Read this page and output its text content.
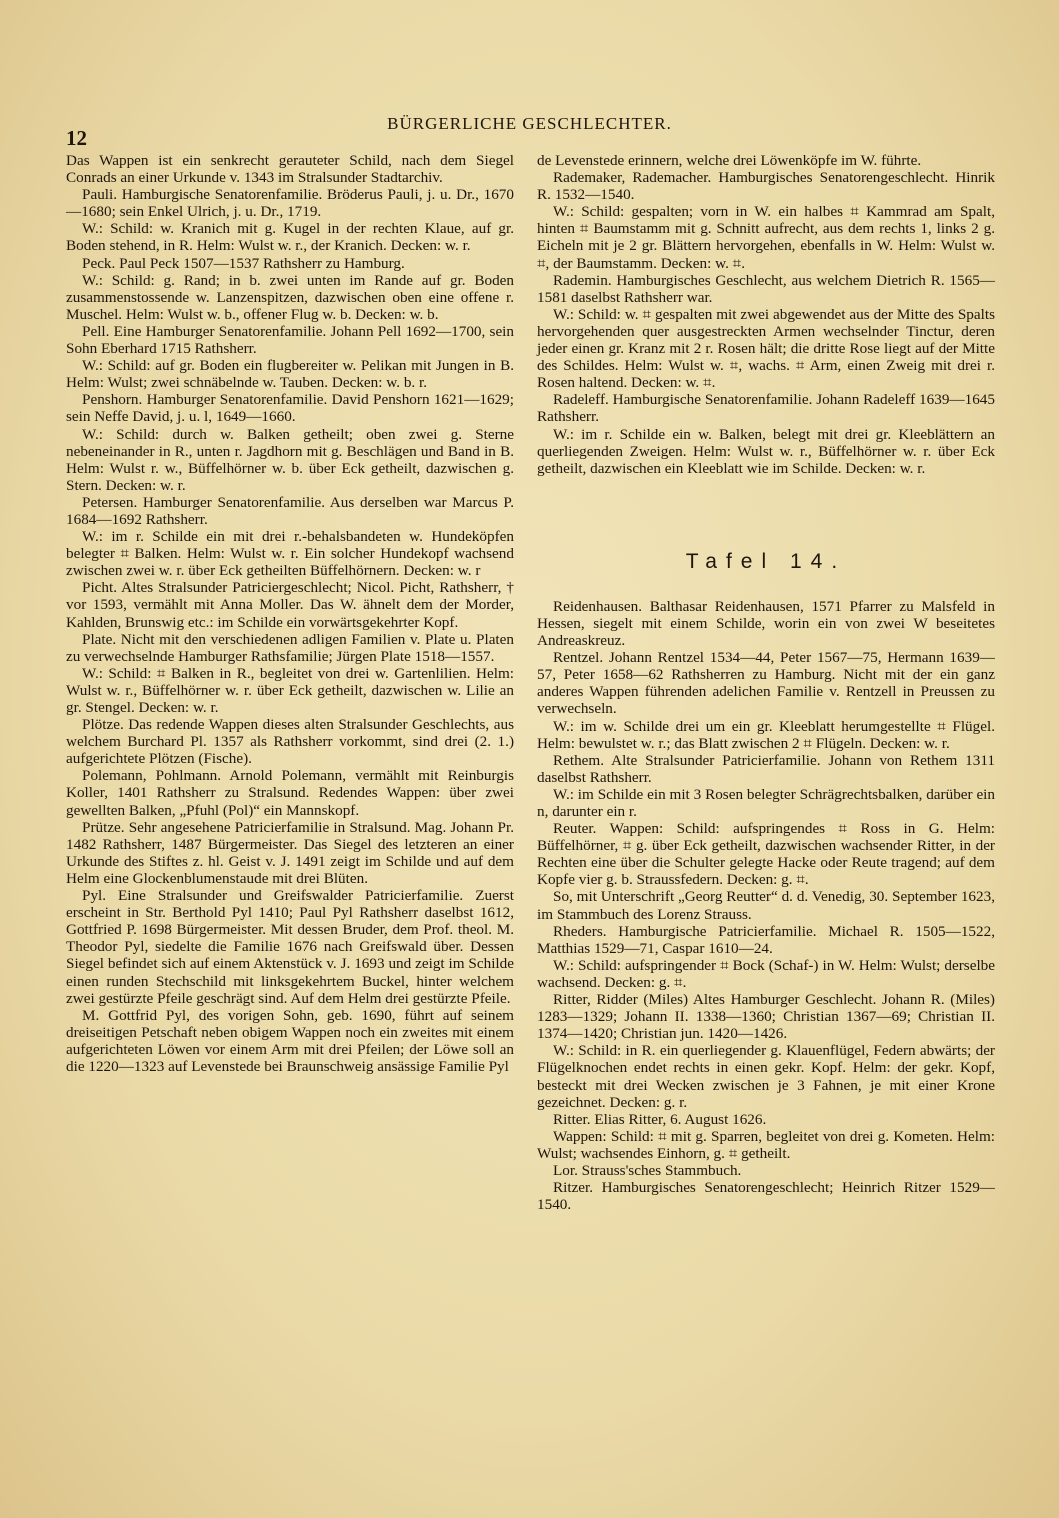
12
BÜRGERLICHE GESCHLECHTER.

Das Wappen ist ein senkrecht gerauteter Schild, nach dem Siegel Conrads an einer Urkunde v. 1343 im Stralsunder Stadtarchiv.

Pauli. Hamburgische Senatorenfamilie. Bröderus Pauli, j. u. Dr., 1670—1680; sein Enkel Ulrich, j. u. Dr., 1719.

W.: Schild: w. Kranich mit g. Kugel in der rechten Klaue, auf gr. Boden stehend, in R. Helm: Wulst w. r., der Kranich. Decken: w. r.

Peck. Paul Peck 1507—1537 Rathsherr zu Hamburg.

W.: Schild: g. Rand; in b. zwei unten im Rande auf gr. Boden zusammenstossende w. Lanzenspitzen, dazwischen oben eine offene r. Muschel. Helm: Wulst w. b., offener Flug w. b. Decken: w. b.

Pell. Eine Hamburger Senatorenfamilie. Johann Pell 1692—1700, sein Sohn Eberhard 1715 Rathsherr.

W.: Schild: auf gr. Boden ein flugbereiter w. Pelikan mit Jungen in B. Helm: Wulst; zwei schnäbelnde w. Tauben. Decken: w. b. r.

Penshorn. Hamburger Senatorenfamilie. David Penshorn 1621—1629; sein Neffe David, j. u. l, 1649—1660.

W.: Schild: durch w. Balken getheilt; oben zwei g. Sterne nebeneinander in R., unten r. Jagdhorn mit g. Beschlägen und Band in B. Helm: Wulst r. w., Büffelhörner w. b. über Eck getheilt, dazwischen g. Stern. Decken: w. r.

Petersen. Hamburger Senatorenfamilie. Aus derselben war Marcus P. 1684—1692 Rathsherr.

W.: im r. Schilde ein mit drei r.-behalsbandeten w. Hundeköpfen belegter ⌗ Balken. Helm: Wulst w. r. Ein solcher Hundekopf wachsend zwischen zwei w. r. über Eck getheilten Büffelhörnern. Decken: w. r

Picht. Altes Stralsunder Patriciergeschlecht; Nicol. Picht, Rathsherr, † vor 1593, vermählt mit Anna Moller. Das W. ähnelt dem der Morder, Kahlden, Brunswig etc.: im Schilde ein vorwärtsgekehrter Kopf.

Plate. Nicht mit den verschiedenen adligen Familien v. Plate u. Platen zu verwechselnde Hamburger Rathsfamilie; Jürgen Plate 1518—1557.

W.: Schild: ⌗ Balken in R., begleitet von drei w. Gartenlilien. Helm: Wulst w. r., Büffelhörner w. r. über Eck getheilt, dazwischen w. Lilie an gr. Stengel. Decken: w. r.

Plötze. Das redende Wappen dieses alten Stralsunder Geschlechts, aus welchem Burchard Pl. 1357 als Rathsherr vorkommt, sind drei (2. 1.) aufgerichtete Plötzen (Fische).

Polemann, Pohlmann. Arnold Polemann, vermählt mit Reinburgis Koller, 1401 Rathsherr zu Stralsund. Redendes Wappen: über zwei gewellten Balken, „Pfuhl (Pol)“ ein Mannskopf.

Prütze. Sehr angesehene Patricierfamilie in Stralsund. Mag. Johann Pr. 1482 Rathsherr, 1487 Bürgermeister. Das Siegel des letzteren an einer Urkunde des Stiftes z. hl. Geist v. J. 1491 zeigt im Schilde und auf dem Helm eine Glockenblumenstaude mit drei Blüten.

Pyl. Eine Stralsunder und Greifswalder Patricierfamilie. Zuerst erscheint in Str. Berthold Pyl 1410; Paul Pyl Rathsherr daselbst 1612, Gottfried P. 1698 Bürgermeister. Mit dessen Bruder, dem Prof. theol. M. Theodor Pyl, siedelte die Familie 1676 nach Greifswald über. Dessen Siegel befindet sich auf einem Aktenstück v. J. 1693 und zeigt im Schilde einen runden Stechschild mit linksgekehrtem Buckel, hinter welchem zwei gestürzte Pfeile geschrägt sind. Auf dem Helm drei gestürzte Pfeile.

M. Gottfrid Pyl, des vorigen Sohn, geb. 1690, führt auf seinem dreiseitigen Petschaft neben obigem Wappen noch ein zweites mit einem aufgerichteten Löwen vor einem Arm mit drei Pfeilen; der Löwe soll an die 1220—1323 auf Levenstede bei Braunschweig ansässige Familie Pyl

de Levenstede erinnern, welche drei Löwenköpfe im W. führte.

Rademaker, Rademacher. Hamburgisches Senatorengeschlecht. Hinrik R. 1532—1540.

W.: Schild: gespalten; vorn in W. ein halbes ⌗ Kammrad am Spalt, hinten ⌗ Baumstamm mit g. Schnitt aufrecht, aus dem rechts 1, links 2 g. Eicheln mit je 2 gr. Blättern hervorgehen, ebenfalls in W. Helm: Wulst w. ⌗, der Baumstamm. Decken: w. ⌗.

Rademin. Hamburgisches Geschlecht, aus welchem Dietrich R. 1565—1581 daselbst Rathsherr war.

W.: Schild: w. ⌗ gespalten mit zwei abgewendet aus der Mitte des Spalts hervorgehenden quer ausgestreckten Armen wechselnder Tinctur, deren jeder einen gr. Kranz mit 2 r. Rosen hält; die dritte Rose liegt auf der Mitte des Schildes. Helm: Wulst w. ⌗, wachs. ⌗ Arm, einen Zweig mit drei r. Rosen haltend. Decken: w. ⌗.

Radeleff. Hamburgische Senatorenfamilie. Johann Radeleff 1639—1645 Rathsherr.

W.: im r. Schilde ein w. Balken, belegt mit drei gr. Kleeblättern an querliegenden Zweigen. Helm: Wulst w. r., Büffelhörner w. r. über Eck getheilt, dazwischen ein Kleeblatt wie im Schilde. Decken: w. r.

Tafel 14.

Reidenhausen. Balthasar Reidenhausen, 1571 Pfarrer zu Malsfeld in Hessen, siegelt mit einem Schilde, worin ein von zwei W beseitetes Andreaskreuz.

Rentzel. Johann Rentzel 1534—44, Peter 1567—75, Hermann 1639—57, Peter 1658—62 Rathsherren zu Hamburg. Nicht mit der ein ganz anderes Wappen führenden adelichen Familie v. Rentzell in Preussen zu verwechseln.

W.: im w. Schilde drei um ein gr. Kleeblatt herumgestellte ⌗ Flügel. Helm: bewulstet w. r.; das Blatt zwischen 2 ⌗ Flügeln. Decken: w. r.

Rethem. Alte Stralsunder Patricierfamilie. Johann von Rethem 1311 daselbst Rathsherr.

W.: im Schilde ein mit 3 Rosen belegter Schrägrechtsbalken, darüber ein n, darunter ein r.

Reuter. Wappen: Schild: aufspringendes ⌗ Ross in G. Helm: Büffelhörner, ⌗ g. über Eck getheilt, dazwischen wachsender Ritter, in der Rechten eine über die Schulter gelegte Hacke oder Reute tragend; auf dem Kopfe vier g. b. Straussfedern. Decken: g. ⌗.

So, mit Unterschrift „Georg Reutter“ d. d. Venedig, 30. September 1623, im Stammbuch des Lorenz Strauss.

Rheders. Hamburgische Patricierfamilie. Michael R. 1505—1522, Matthias 1529—71, Caspar 1610—24.

W.: Schild: aufspringender ⌗ Bock (Schaf-) in W. Helm: Wulst; derselbe wachsend. Decken: g. ⌗.

Ritter, Ridder (Miles) Altes Hamburger Geschlecht. Johann R. (Miles) 1283—1329; Johann II. 1338—1360; Christian 1367—69; Christian II. 1374—1420; Christian jun. 1420—1426.

W.: Schild: in R. ein querliegender g. Klauenflügel, Federn abwärts; der Flügelknochen endet rechts in einen gekr. Kopf. Helm: der gekr. Kopf, besteckt mit drei Wecken zwischen je 3 Fahnen, je mit einer Krone gezeichnet. Decken: g. r.

Ritter. Elias Ritter, 6. August 1626.

Wappen: Schild: ⌗ mit g. Sparren, begleitet von drei g. Kometen. Helm: Wulst; wachsendes Einhorn, g. ⌗ getheilt.

Lor. Strauss'sches Stammbuch.

Ritzer. Hamburgisches Senatorengeschlecht; Heinrich Ritzer 1529—1540.
